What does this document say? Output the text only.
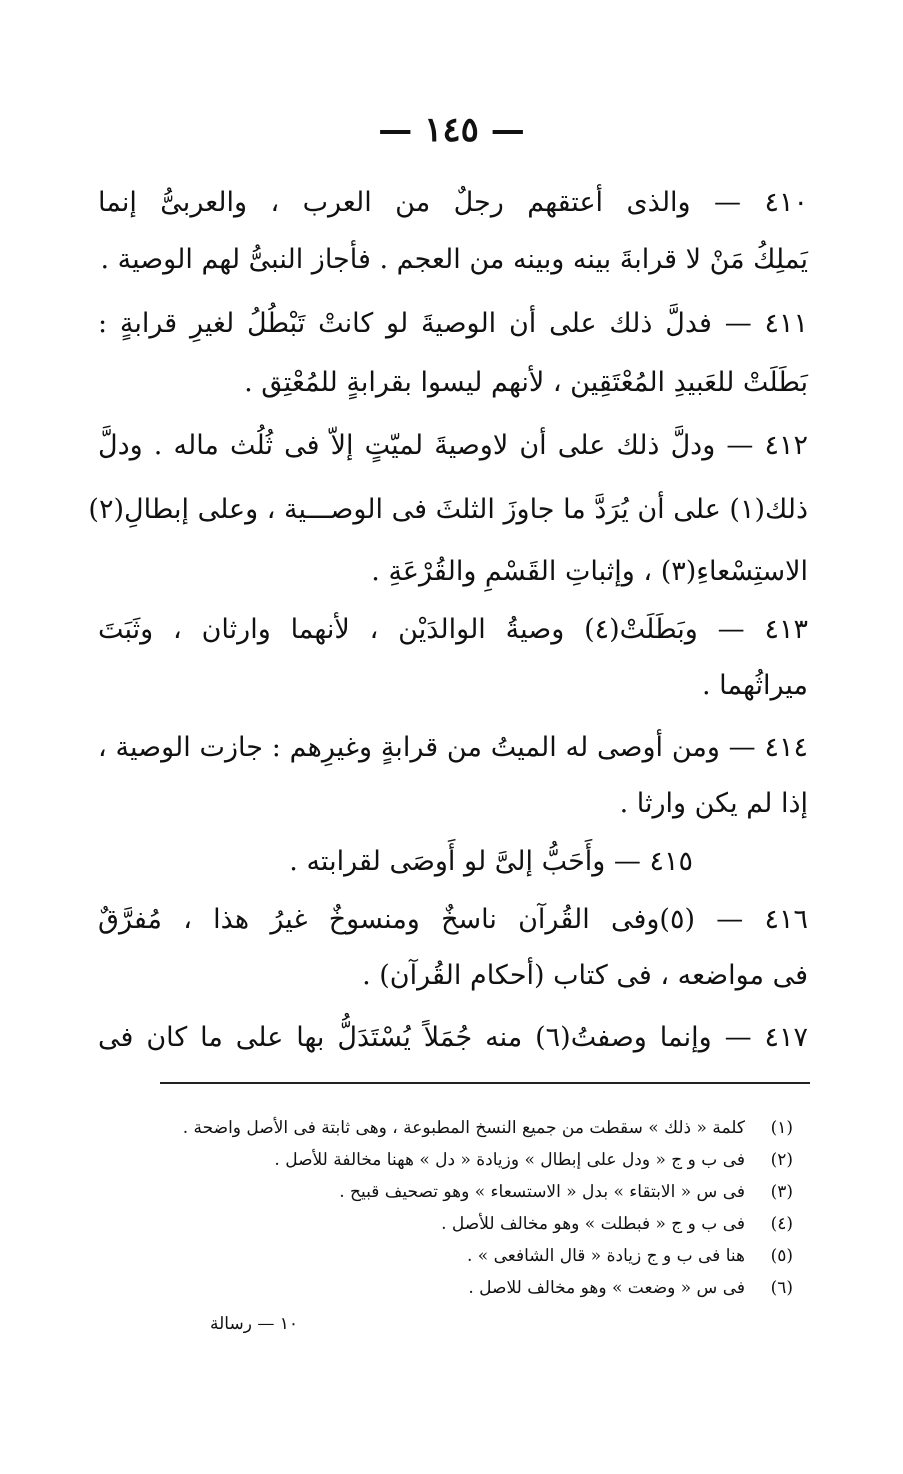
— ١٤٥ —
٤١٠ — والذى أعتقهم رجلٌ من العرب ، والعربىُّ إنما
يَملِكُ مَنْ لا قرابةَ بينه وبينه من العجم . فأجاز النبىُّ لهم الوصية .
٤١١ — فدلَّ ذلك على أن الوصيةَ لو كانتْ تَبْطُلُ لغيرِ قرابةٍ :
بَطَلَتْ للعَبيدِ المُعْتَقِين ، لأنهم ليسوا بقرابةٍ للمُعْتِق .
٤١٢ — ودلَّ ذلك على أن لاوصيةَ لميّتٍ إلاّ فى ثُلُث ماله . ودلَّ
ذلك(١) على أن يُرَدَّ ما جاوزَ الثلثَ فى الوصـــية ، وعلى إبطالِ(٢)
الاستِسْعاءِ(٣) ، وإثباتِ القَسْمِ والقُرْعَةِ .
٤١٣ — وبَطَلَتْ(٤) وصيةُ الوالدَيْن ، لأنهما وارثان ، وثَبَتَ
ميراثُهما .
٤١٤ — ومن أوصى له الميتُ من قرابةٍ وغيرِهم : جازت الوصية ،
إذا لم يكن وارثا .
٤١٥ — وأَحَبُّ إلىَّ لو أَوصَى لقرابته .
٤١٦ — (٥)وفى القُرآن ناسخٌ ومنسوخٌ غيرُ هذا ، مُفرَّقٌ
فى مواضعه ، فى كتاب (أحكام القُرآن) .
٤١٧ — وإنما وصفتُ(٦) منه جُمَلاً يُسْتَدَلُّ بها على ما كان فى
(١)
كلمة « ذلك » سقطت من جميع النسخ المطبوعة ، وهى ثابتة فى الأصل واضحة .
(٢)
فى ب و ج « ودل على إبطال » وزيادة « دل » ههنا مخالفة للأصل .
(٣)
فى س « الابتقاء » بدل « الاستسعاء » وهو تصحيف قبيح .
(٤)
فى ب و ج « فبطلت » وهو مخالف للأصل .
(٥)
هنا فى ب و ج زيادة « قال الشافعى » .
(٦)
فى س « وضعت » وهو مخالف للاصل .
١٠ — رسالة
